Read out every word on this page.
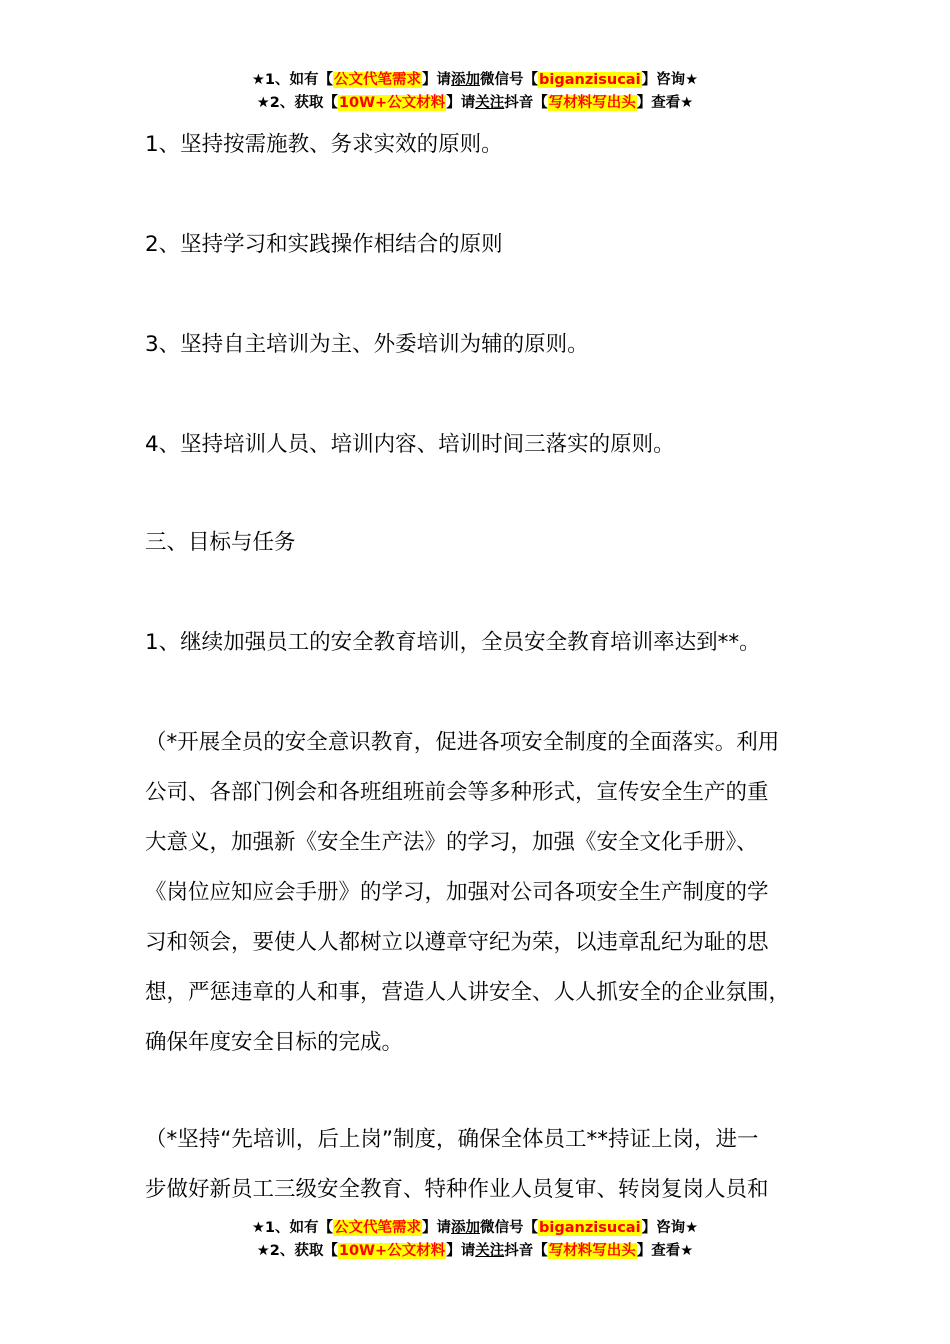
★1、如有【公文代笔需求】请添加微信号【biganzisucai】咨询★
★2、获取【10W+公文材料】请关注抖音【写材料写出头】查看★
1、坚持按需施教、务求实效的原则。
2、坚持学习和实践操作相结合的原则
3、坚持自主培训为主、外委培训为辅的原则。
4、坚持培训人员、培训内容、培训时间三落实的原则。
三、目标与任务
1、继续加强员工的安全教育培训，全员安全教育培训率达到**。
（*开展全员的安全意识教育，促进各项安全制度的全面落实。利用
公司、各部门例会和各班组班前会等多种形式，宣传安全生产的重
大意义，加强新《安全生产法》的学习，加强《安全文化手册》、
《岗位应知应会手册》的学习，加强对公司各项安全生产制度的学
习和领会，要使人人都树立以遵章守纪为荣，以违章乱纪为耻的思
想，严惩违章的人和事，营造人人讲安全、人人抓安全的企业氛围，
确保年度安全目标的完成。
（*坚持“先培训，后上岗”制度，确保全体员工**持证上岗，进一
步做好新员工三级安全教育、特种作业人员复审、转岗复岗人员和
★1、如有【公文代笔需求】请添加微信号【biganzisucai】咨询★
★2、获取【10W+公文材料】请关注抖音【写材料写出头】查看★
